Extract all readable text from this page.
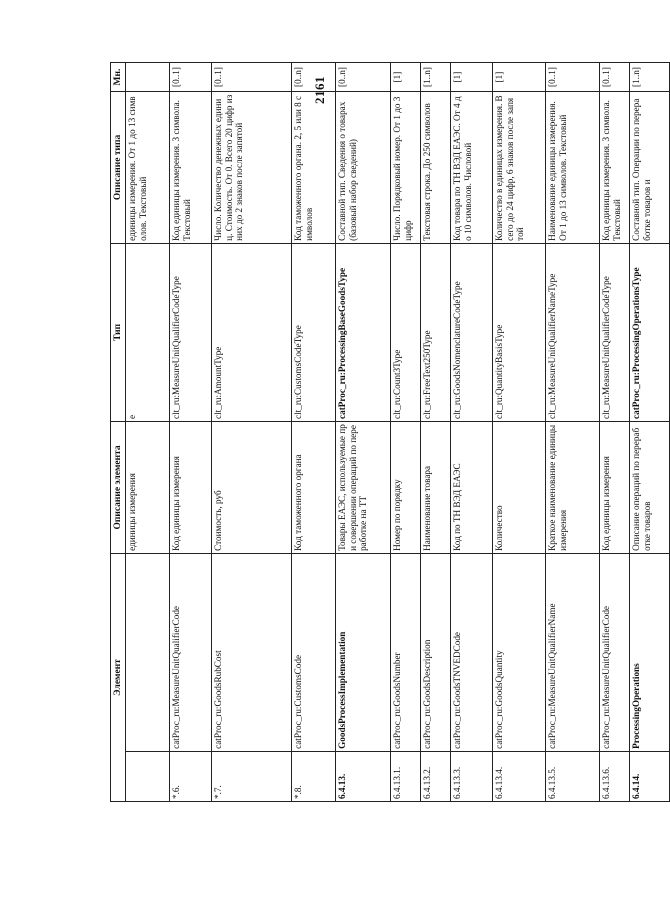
2161
Элемент		Описание элемента	Тип	Описание типа	Мн.
		единицы измерения	e	единицы измерения. От 1 до 13 символов. Текстовый	
*.6.	catProc_ru:MeasureUnitQualifierCode	Код единицы измерения	clt_ru:MeasureUnitQualifierCodeType	Код единицы измерения. 3 символа. Текстовый	[0..1]
*.7.	catProc_ru:GoodsRubCost	Стоимость, руб	clt_ru:AmountType	Число. Количество денежных единиц. Стоимость. От 0. Всего 20 цифр из них до 2 знаков после запятой	[0..1]
*.8.	catProc_ru:CustomsCode	Код таможенного органа	clt_ru:CustomsCodeType	Код таможенного органа. 2, 5 или 8 символов	[0..n]
6.4.13.	GoodsProcessImplementation	Товары ЕАЭС, используемые при совершении операций по переработке на ТТ	catProc_ru:ProcessingBaseGoodsType	Составной тип. Сведения о товарах (базовый набор сведений)	[0..n]
6.4.13.1.	catProc_ru:GoodsNumber	Номер по порядку	clt_ru:Count3Type	Число. Порядковый номер. От 1 до 3 цифр	[1]
6.4.13.2.	catProc_ru:GoodsDescription	Наименование товара	clt_ru:FreeText250Type	Текстовая строка. До 250 символов	[1..n]
6.4.13.3.	catProc_ru:GoodsTNVEDCode	Код по ТН ВЭД ЕАЭС	clt_ru:GoodsNomenclatureCodeType	Код товара по ТН ВЭД ЕАЭС. От 4 до 10 символов. Числовой	[1]
6.4.13.4.	catProc_ru:GoodsQuantity	Количество	clt_ru:QuantityBasisType	Количество в единицах измерения. Всего до 24 цифр, 6 знаков после запятой	[1]
6.4.13.5.	catProc_ru:MeasureUnitQualifierName	Краткое наименование единицы измерения	clt_ru:MeasureUnitQualifierNameType	Наименование единицы измерения. От 1 до 13 символов. Текстовый	[0..1]
6.4.13.6.	catProc_ru:MeasureUnitQualifierCode	Код единицы измерения	clt_ru:MeasureUnitQualifierCodeType	Код единицы измерения. 3 символа. Текстовый	[0..1]
6.4.14.	ProcessingOperations	Описание операций по переработке товаров	catProc_ru:ProcessingOperationsType	Составной тип. Операции по переработке товаров и	[1..n]
